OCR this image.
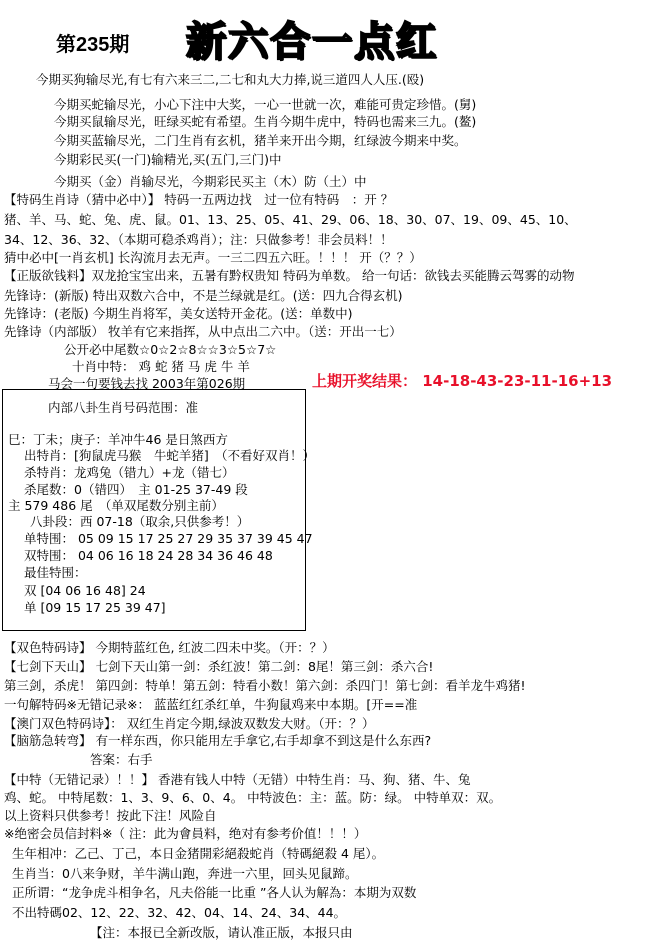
第235期 新六合一点红
今期买狗输尽光,有七有六来三二,二七和丸大力捧,说三道四人人压.(殴)
今期买蛇输尽光，小心下注中大奖，一心一世就一次，难能可贵定珍惜。(舅)
今期买鼠输尽光，旺绿买蛇有希望。生肖今期牛虎中，特码也需来三九。(鳌)
今期买蓝输尽光，二门生肖有玄机，猪羊来开出今期，红绿波今期来中奖。
今期彩民买(一门)输精光,买(五门,三门)中
今期买（金）肖输尽光，今期彩民买主（木）防（土）中
【特码生肖诗（猜中必中）】 特码一五两边找　过一位有特码　：开 ？
猪、羊、马、蛇、兔、虎、鼠。01、13、25、05、41、29、06、18、30、07、19、09、45、10、
34、12、36、32、（本期可稳杀鸡肖）；注：只做参考！非会员料！！
猜中必中[一肖玄机] 长沟流月去无声。一三二四五六旺。！！！ 开（？？）
【正版欲钱料】双龙抢宝宝出来，五暑有黔权贵知 特码为单数。 给一句话：欲钱去买能腾云驾雾的动物
先锋诗：(新版) 特出双数六合中，不是兰绿就是红。(送：四九合得玄机)
先锋诗：(老版) 今期生肖将军，美女送特开金花。(送：单数中)
先锋诗（内部版） 牧羊有它来指挥，从中点出二六中。（送：开出一七）
公开必中尾数☆0☆2☆8☆☆3☆5☆7☆
十肖中特： 鸡 蛇 猪 马 虎 牛 羊
马会一句要钱去找 2003年第026期
内部八卦生肖号码范围：准
巳：丁未；庚子：羊冲牛46 是日煞西方
出特肖：[狗鼠虎马猴　牛蛇羊猪]　（不看好双肖！）
杀特肖：龙鸡兔（错九）+龙（错七）
杀尾数：0（错四）　主 01-25 37-49 段
主 579 486 尾　（单双尾数分别主前）
八卦段：西 07-18（取余,只供参考！）
单特围： 05 09 15 17 25 27 29 35 37 39 45 47
双特围： 04 06 16 18 24 28 34 36 46 48
最佳特围：
双 [04 06 16 48] 24
单 [09 15 17 25 39 47]
【双色特码诗】 今期特蓝红色, 红波二四未中奖。（开：？）
【七剑下天山】 七剑下天山第一剑：杀红波！第二剑：8尾！第三剑：杀六合!
第三剑，杀虎！ 第四剑：特单！第五剑：特看小数！第六剑：杀四门！第七剑：看羊龙牛鸡猪!
一句解特码※无错记录※： 蓝蓝红红杀红单，牛狗鼠鸡来中本期。[开==准
【澳门双色特码诗】： 双红生肖定今期,绿波双数发大财。（开：？）
【脑筋急转弯】 有一样东西，你只能用左手拿它,右手却拿不到这是什么东西?
答案：右手
【中特（无错记录）！！】 香港有钱人中特（无错）中特生肖：马、狗、猪、牛、兔
鸡、蛇。 中特尾数：1、3、9、6、0、4。 中特波色：主：蓝。防：绿。 中特单双：双。
以上资料只供参考！按此下注！风险自
※绝密会员信封料※（ 注：此为會員料，绝对有参考价值！！！）
生年相冲：乙己、丁己，本日金猪開彩絕殺蛇肖（特碼絕殺 4 尾）。
生肖当：0八来争财，羊牛满山跑，奔进一六里，回头见鼠蹄。
正所谓：“龙争虎斗相争名，凡夫俗能一比重 ”各人认为解為：本期为双数
不出特碼02、12、22、32、42、04、14、24、34、44。
【注：本报已全新改版，请认准正版，本报只由
上期开奖结果： 14-18-43-23-11-16+13
